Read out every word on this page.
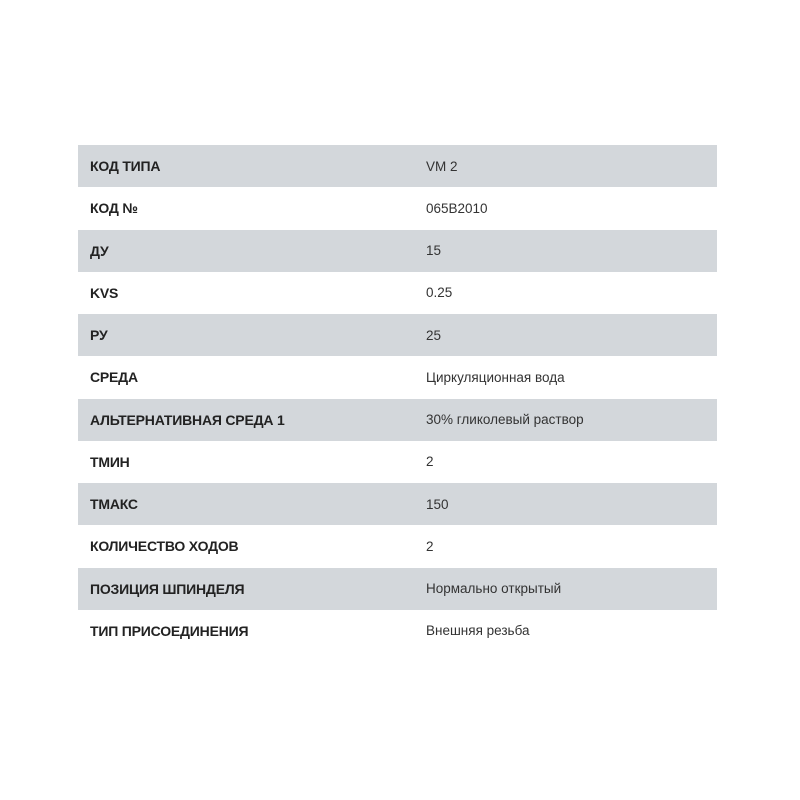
КОД ТИПА	VM 2
КОД №	065B2010
ДУ	15
KVS	0.25
РУ	25
СРЕДА	Циркуляционная вода
АЛЬТЕРНАТИВНАЯ СРЕДА 1	30% гликолевый раствор
ТМИН	2
ТМАКС	150
КОЛИЧЕСТВО ХОДОВ	2
ПОЗИЦИЯ ШПИНДЕЛЯ	Нормально открытый
ТИП ПРИСОЕДИНЕНИЯ	Внешняя резьба
